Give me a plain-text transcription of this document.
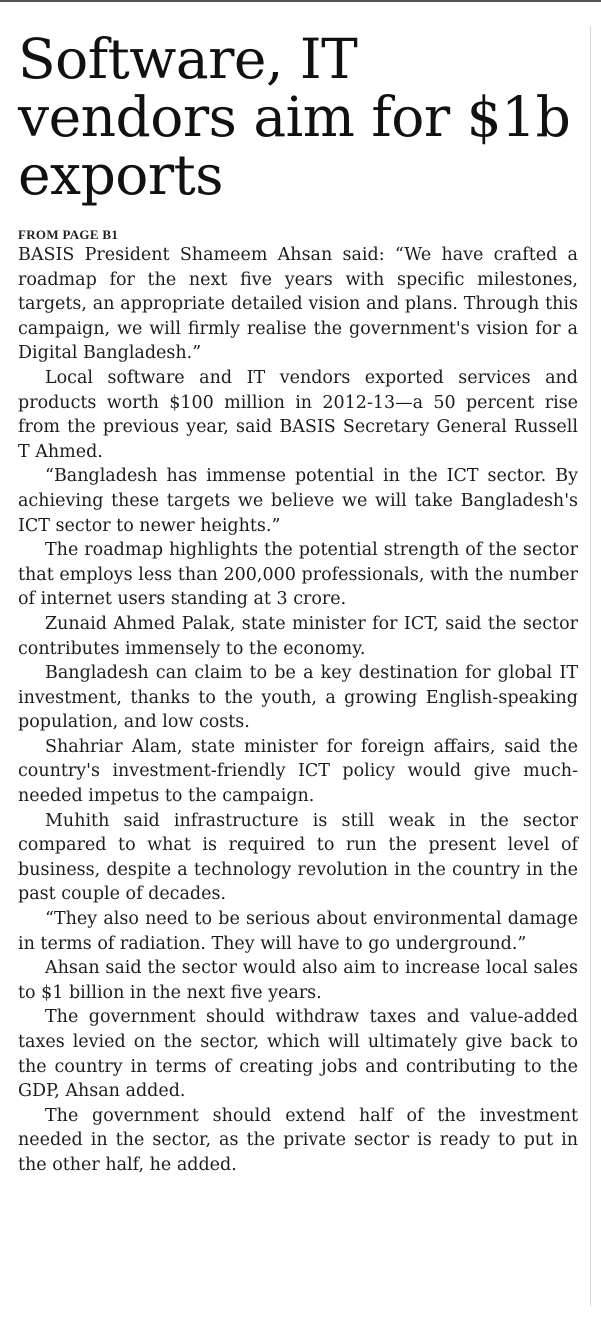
Software, IT vendors aim for $1b exports
FROM PAGE B1

BASIS President Shameem Ahsan said: “We have crafted a roadmap for the next five years with specific milestones, targets, an appropriate detailed vision and plans. Through this campaign, we will firmly realise the government's vision for a Digital Bangladesh.”

Local software and IT vendors exported services and products worth $100 million in 2012-13—a 50 percent rise from the previous year, said BASIS Secretary General Russell T Ahmed.

“Bangladesh has immense potential in the ICT sector. By achieving these targets we believe we will take Bangladesh's ICT sector to newer heights.”

The roadmap highlights the potential strength of the sector that employs less than 200,000 professionals, with the number of internet users standing at 3 crore.

Zunaid Ahmed Palak, state minister for ICT, said the sector contributes immensely to the economy.

Bangladesh can claim to be a key destination for global IT investment, thanks to the youth, a growing English-speaking population, and low costs.

Shahriar Alam, state minister for foreign affairs, said the country's investment-friendly ICT policy would give much-needed impetus to the campaign.

Muhith said infrastructure is still weak in the sector compared to what is required to run the present level of business, despite a technology revolution in the country in the past couple of decades.

“They also need to be serious about environmental damage in terms of radiation. They will have to go underground.”

Ahsan said the sector would also aim to increase local sales to $1 billion in the next five years.

The government should withdraw taxes and value-added taxes levied on the sector, which will ultimately give back to the country in terms of creating jobs and contributing to the GDP, Ahsan added.

The government should extend half of the investment needed in the sector, as the private sector is ready to put in the other half, he added.
